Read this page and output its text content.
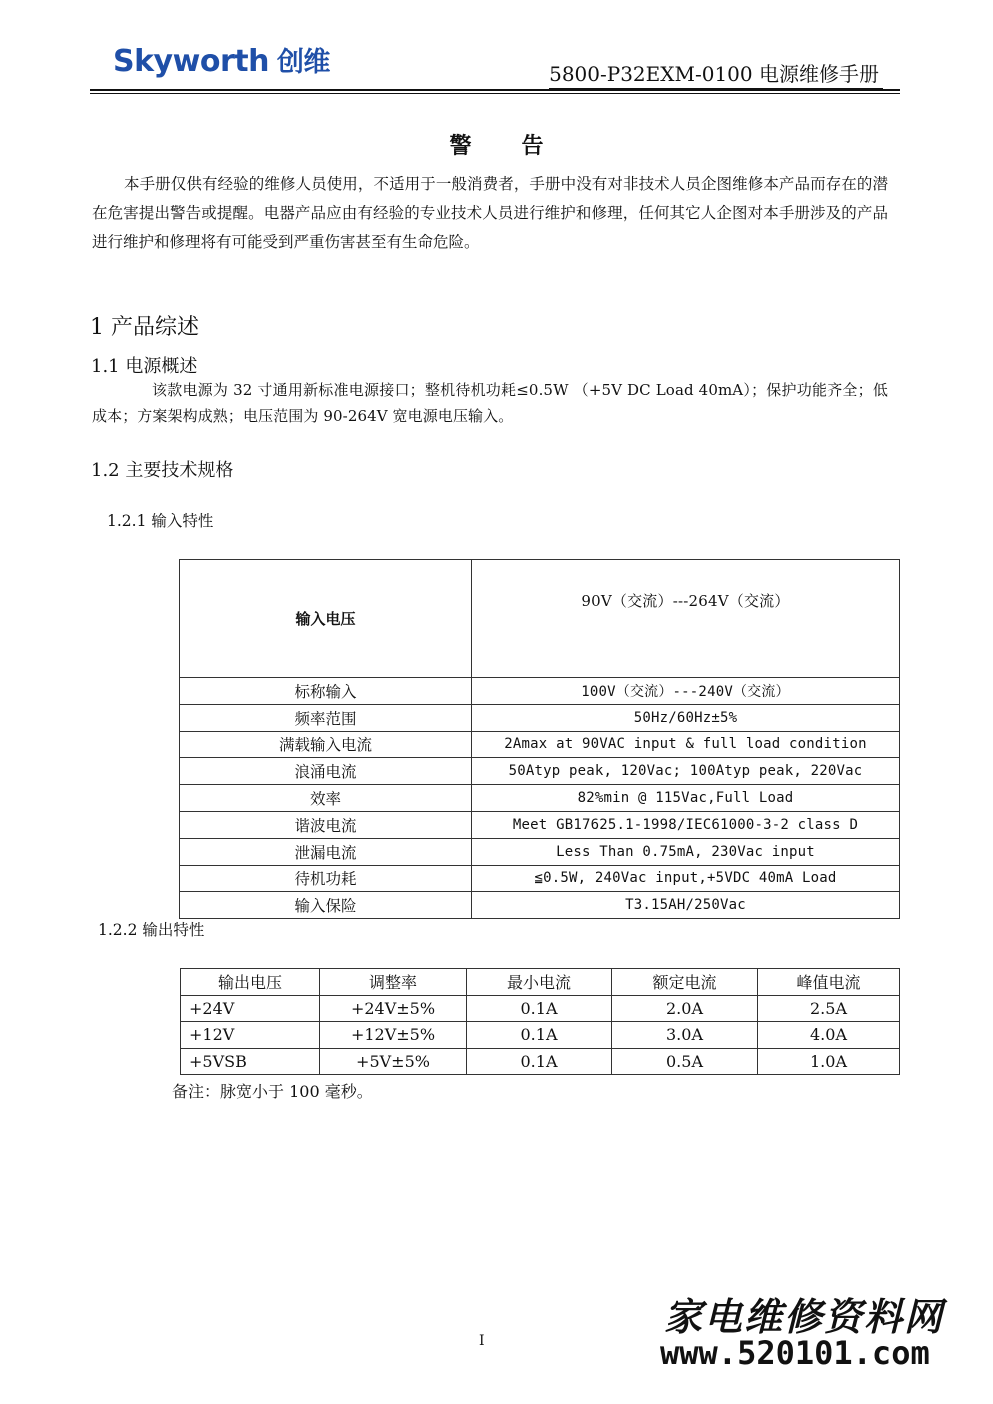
Skyworth 创维	5800-P32EXM-0100 电源维修手册
警告
本手册仅供有经验的维修人员使用，不适用于一般消费者，手册中没有对非技术人员企图维修本产品而存在的潜在危害提出警告或提醒。电器产品应由有经验的专业技术人员进行维护和修理，任何其它人企图对本手册涉及的产品进行维护和修理将有可能受到严重伤害甚至有生命危险。
1 产品综述
1.1 电源概述
该款电源为 32 寸通用新标准电源接口；整机待机功耗≤0.5W （+5V DC Load 40mA）；保护功能齐全；低成本；方案架构成熟；电压范围为 90-264V 宽电源电压输入。
1.2 主要技术规格
1.2.1 输入特性
输入电压	90V（交流）---264V（交流）
标称输入	100V（交流）---240V（交流）
频率范围	50Hz/60Hz±5%
满载输入电流	2Amax at 90VAC input & full load condition
浪涌电流	50Atyp peak, 120Vac; 100Atyp peak, 220Vac
效率	82%min @ 115Vac,Full Load
谐波电流	Meet GB17625.1-1998/IEC61000-3-2 class D
泄漏电流	Less Than 0.75mA, 230Vac input
待机功耗	≦0.5W, 240Vac input,+5VDC 40mA Load
输入保险	T3.15AH/250Vac
1.2.2 输出特性
输出电压	调整率	最小电流	额定电流	峰值电流
+24V	+24V±5%	0.1A	2.0A	2.5A
+12V	+12V±5%	0.1A	3.0A	4.0A
+5VSB	+5V±5%	0.1A	0.5A	1.0A
备注：脉宽小于 100 毫秒。
I
家电维修资料网
www.520101.com
